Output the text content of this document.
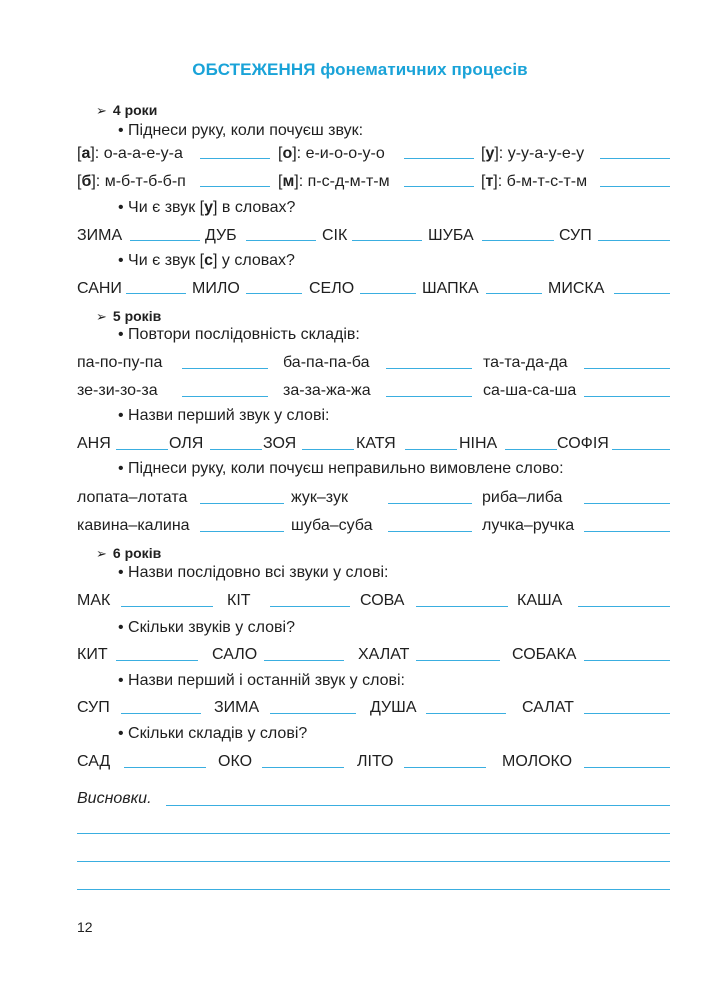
ОБСТЕЖЕННЯ фонематичних процесів
➢ 4 роки
• Піднеси руку, коли почуєш звук:
[а]: о-а-а-е-у-а	[о]: е-и-о-о-у-о	[у]: у-у-а-у-е-у
[б]: м-б-т-б-б-п	[м]: п-с-д-м-т-м	[т]: б-м-т-с-т-м
• Чи є звук [у] в словах?
ЗИМА	ДУБ	СІК	ШУБА	СУП
• Чи є звук [с] у словах?
САНИ	МИЛО	СЕЛО	ШАПКА	МИСКА
➢ 5 років
• Повтори послідовність складів:
па-по-пу-па	ба-па-па-ба	та-та-да-да
зе-зи-зо-за	за-за-жа-жа	са-ша-са-ша
• Назви перший звук у слові:
АНЯ	ОЛЯ	ЗОЯ	КАТЯ	НІНА	СОФІЯ
• Піднеси руку, коли почуєш неправильно вимовлене слово:
лопата–лотата	жук–зук	риба–либа
кавина–калина	шуба–суба	лучка–ручка
➢ 6 років
• Назви послідовно всі звуки у слові:
МАК	КІТ	СОВА	КАША
• Скільки звуків у слові?
КИТ	САЛО	ХАЛАТ	СОБАКА
• Назви перший і останній звук у слові:
СУП	ЗИМА	ДУША	САЛАТ
• Скільки складів у слові?
САД	ОКО	ЛІТО	МОЛОКО
Висновки.
12
